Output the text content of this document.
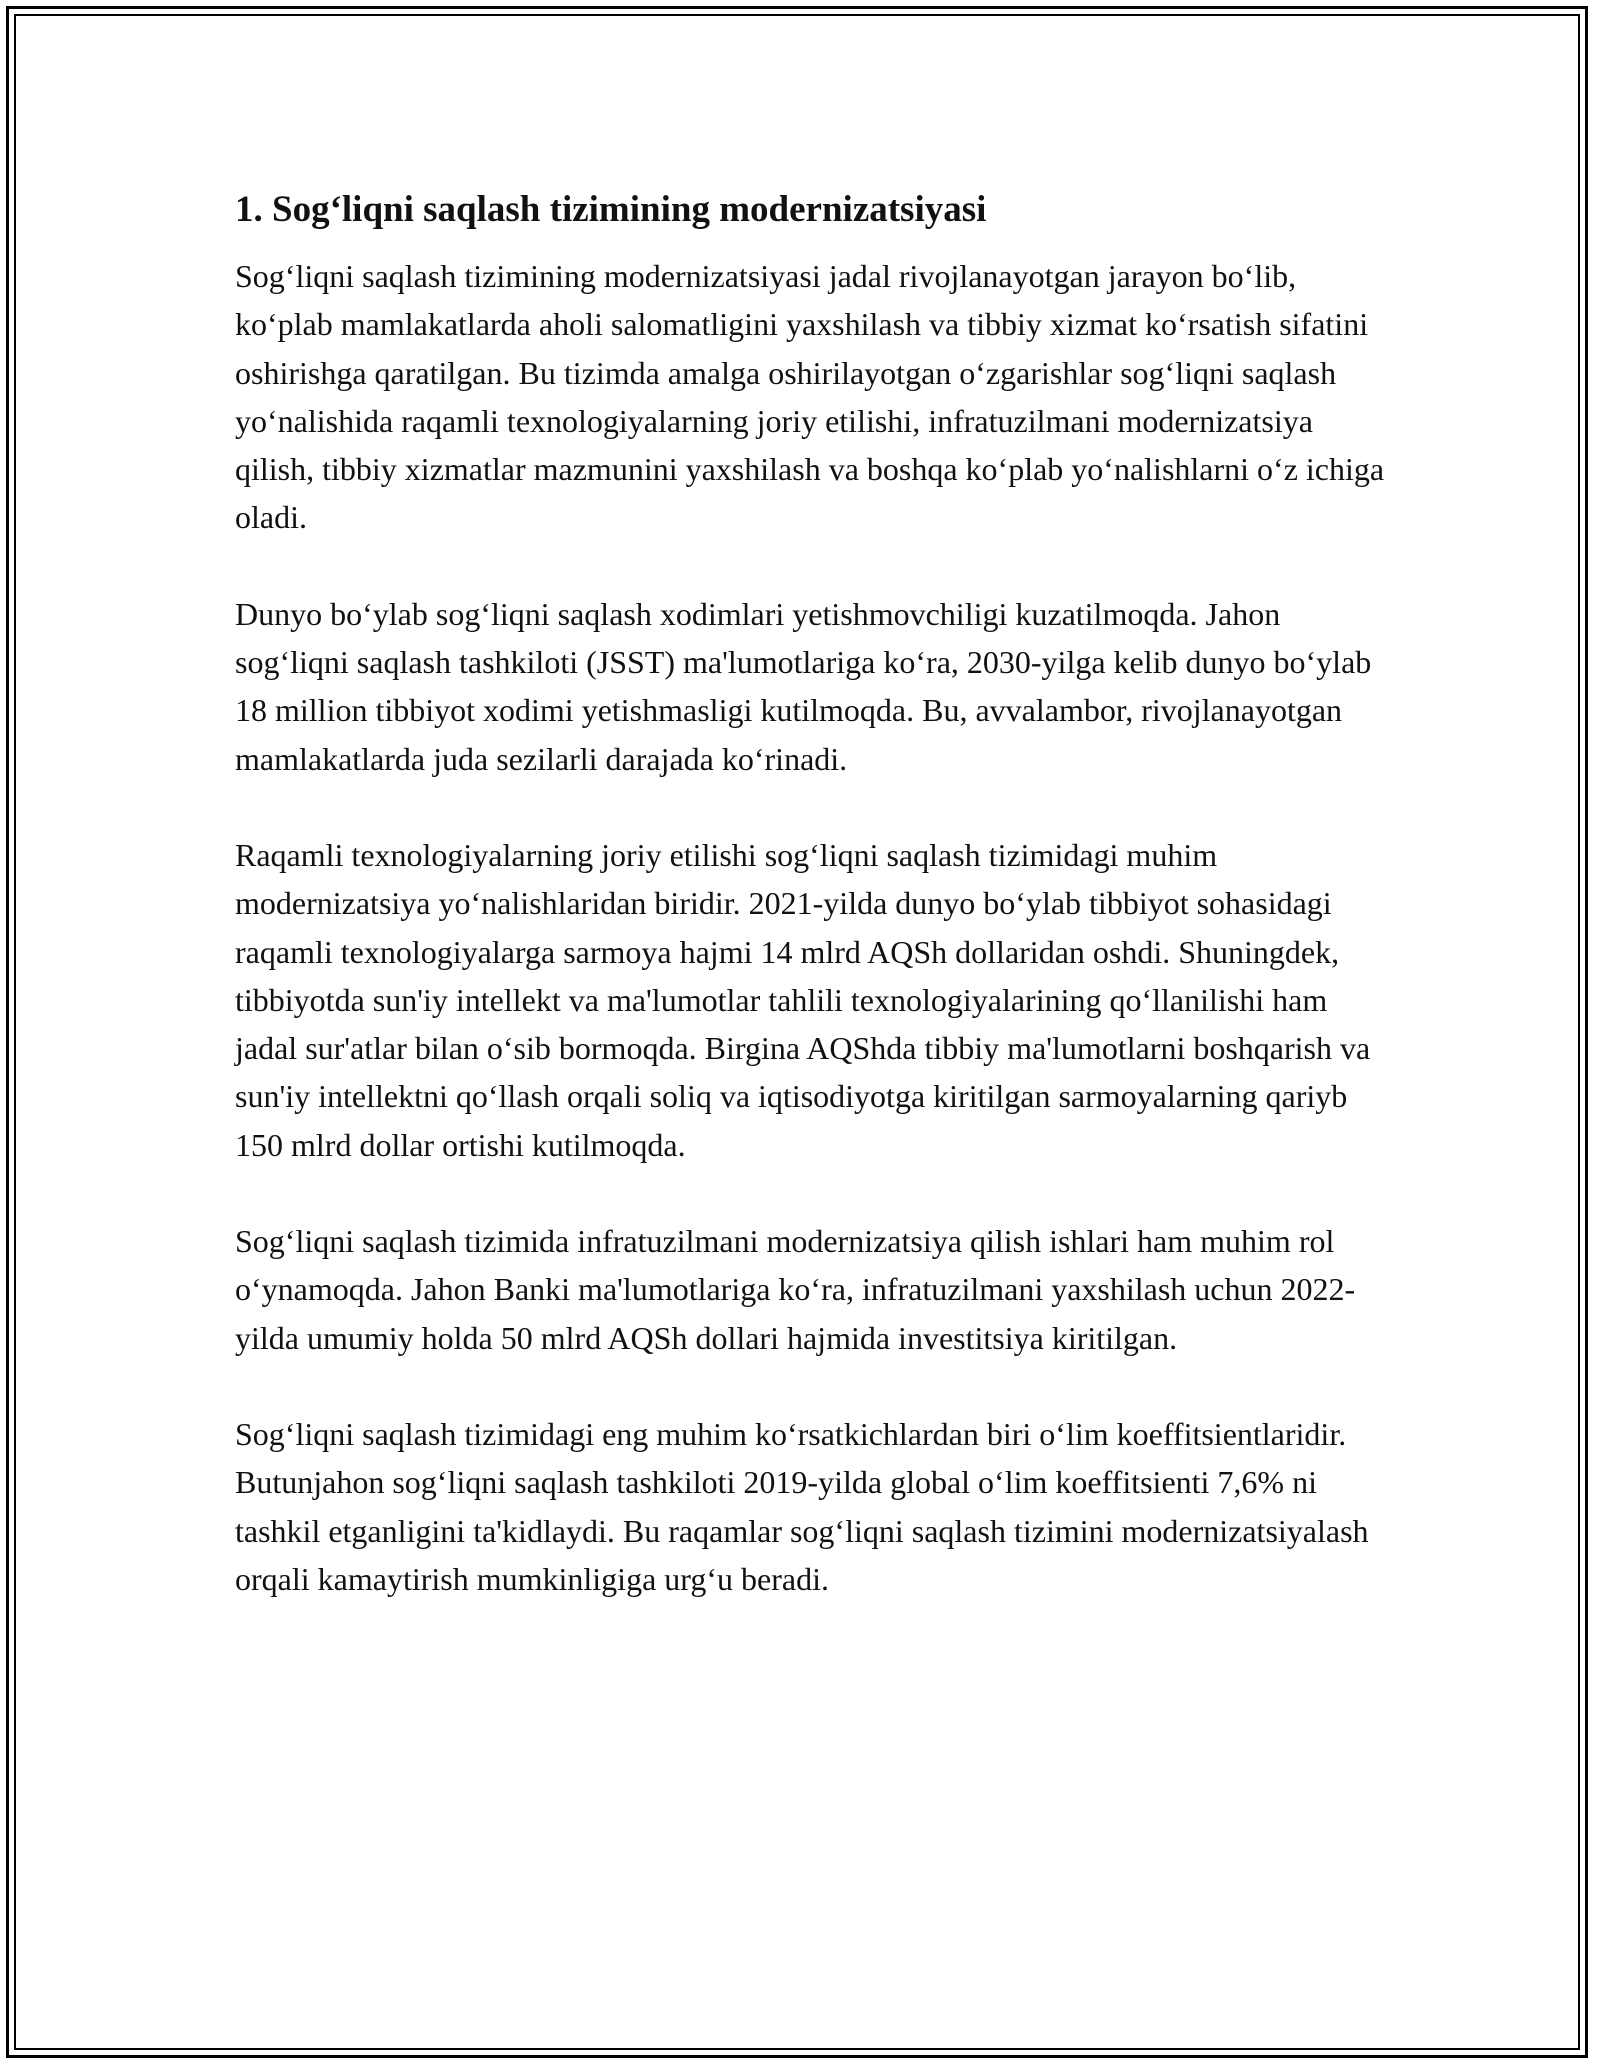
1. Sog‘liqni saqlash tizimining modernizatsiyasi

Sog‘liqni saqlash tizimining modernizatsiyasi jadal rivojlanayotgan jarayon bo‘lib, ko‘plab mamlakatlarda aholi salomatligini yaxshilash va tibbiy xizmat ko‘rsatish sifatini oshirishga qaratilgan. Bu tizimda amalga oshirilayotgan o‘zgarishlar sog‘liqni saqlash yo‘nalishida raqamli texnologiyalarning joriy etilishi, infratuzilmani modernizatsiya qilish, tibbiy xizmatlar mazmunini yaxshilash va boshqa ko‘plab yo‘nalishlarni o‘z ichiga oladi.

Dunyo bo‘ylab sog‘liqni saqlash xodimlari yetishmovchiligi kuzatilmoqda. Jahon sog‘liqni saqlash tashkiloti (JSST) ma'lumotlariga ko‘ra, 2030-yilga kelib dunyo bo‘ylab 18 million tibbiyot xodimi yetishmasligi kutilmoqda. Bu, avvalambor, rivojlanayotgan mamlakatlarda juda sezilarli darajada ko‘rinadi.

Raqamli texnologiyalarning joriy etilishi sog‘liqni saqlash tizimidagi muhim modernizatsiya yo‘nalishlaridan biridir. 2021-yilda dunyo bo‘ylab tibbiyot sohasidagi raqamli texnologiyalarga sarmoya hajmi 14 mlrd AQSh dollaridan oshdi. Shuningdek, tibbiyotda sun'iy intellekt va ma'lumotlar tahlili texnologiyalarining qo‘llanilishi ham jadal sur'atlar bilan o‘sib bormoqda. Birgina AQShda tibbiy ma'lumotlarni boshqarish va sun'iy intellektni qo‘llash orqali soliq va iqtisodiyotga kiritilgan sarmoyalarning qariyb 150 mlrd dollar ortishi kutilmoqda.

Sog‘liqni saqlash tizimida infratuzilmani modernizatsiya qilish ishlari ham muhim rol o‘ynamoqda. Jahon Banki ma'lumotlariga ko‘ra, infratuzilmani yaxshilash uchun 2022-yilda umumiy holda 50 mlrd AQSh dollari hajmida investitsiya kiritilgan.

Sog‘liqni saqlash tizimidagi eng muhim ko‘rsatkichlardan biri o‘lim koeffitsientlaridir. Butunjahon sog‘liqni saqlash tashkiloti 2019-yilda global o‘lim koeffitsienti 7,6% ni tashkil etganligini ta'kidlaydi. Bu raqamlar sog‘liqni saqlash tizimini modernizatsiyalash orqali kamaytirish mumkinligiga urg‘u beradi.
